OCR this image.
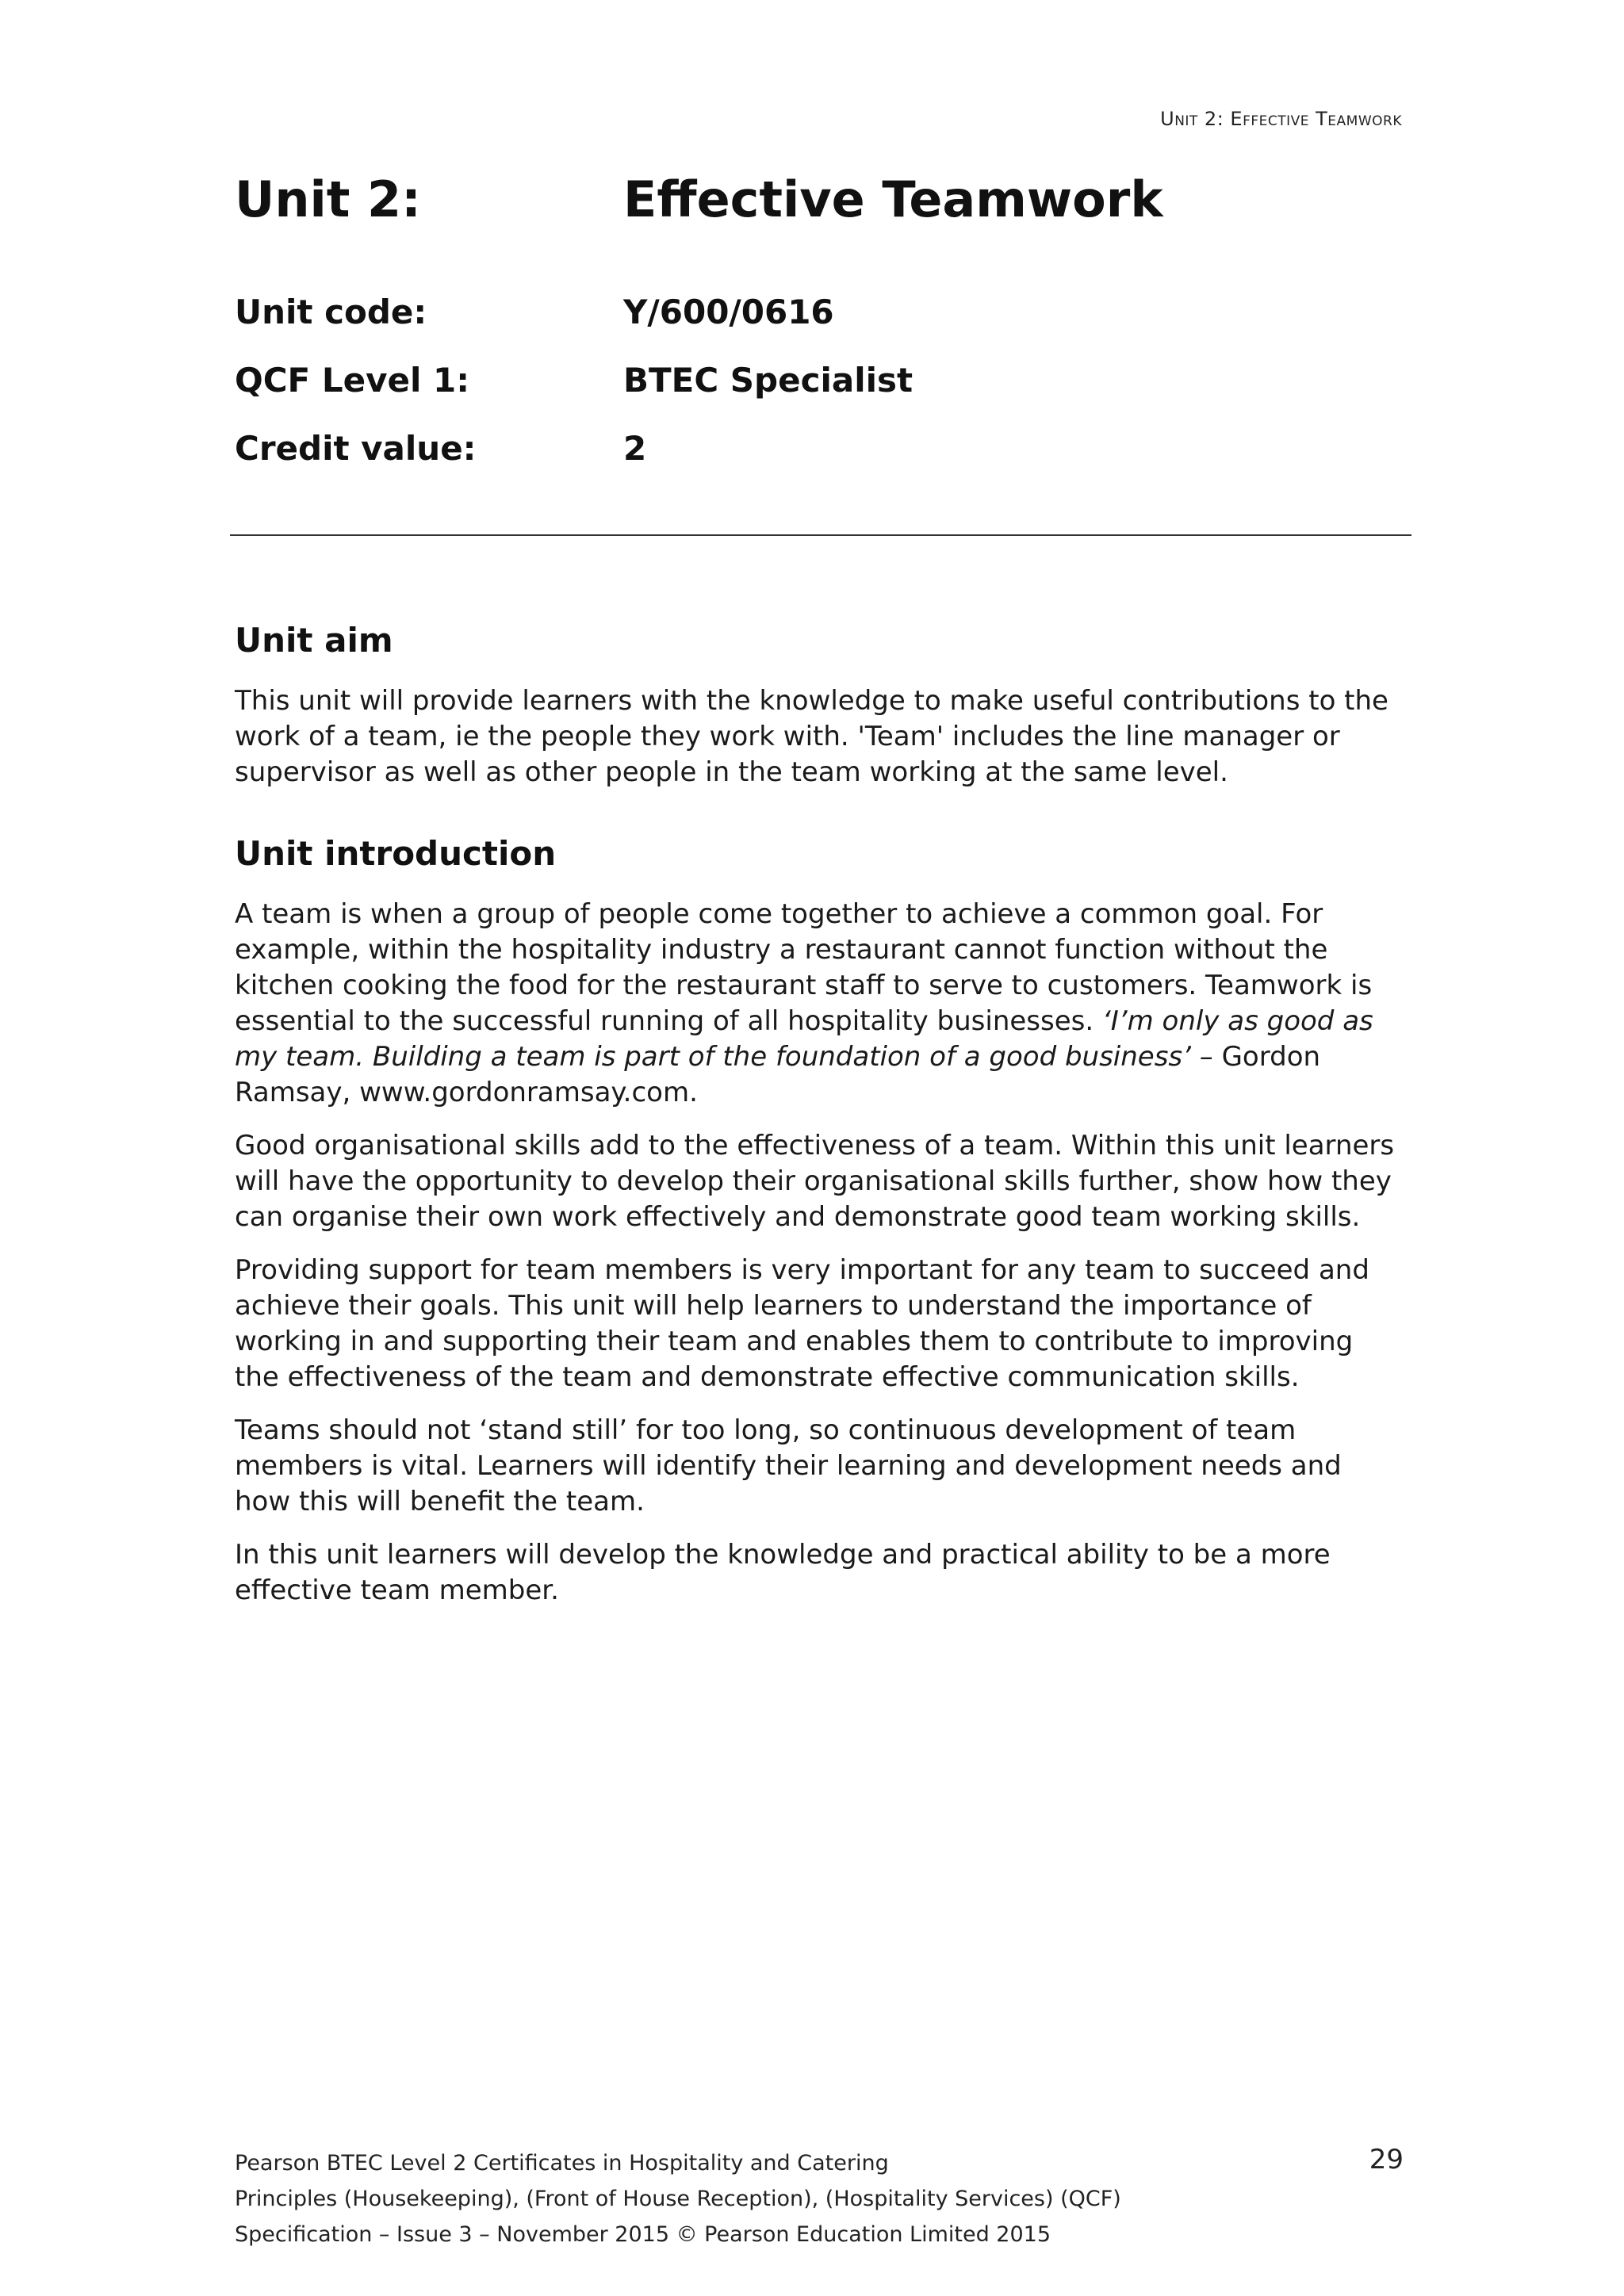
Unit 2: Effective Teamwork
Unit 2:	Effective Teamwork
Unit code:	Y/600/0616
QCF Level 1:	BTEC Specialist
Credit value:	2
Unit aim

This unit will provide learners with the knowledge to make useful contributions to the work of a team, ie the people they work with. 'Team' includes the line manager or supervisor as well as other people in the team working at the same level.

Unit introduction

A team is when a group of people come together to achieve a common goal. For example, within the hospitality industry a restaurant cannot function without the kitchen cooking the food for the restaurant staff to serve to customers. Teamwork is essential to the successful running of all hospitality businesses. ‘I’m only as good as my team. Building a team is part of the foundation of a good business’ – Gordon Ramsay, www.gordonramsay.com.

Good organisational skills add to the effectiveness of a team. Within this unit learners will have the opportunity to develop their organisational skills further, show how they can organise their own work effectively and demonstrate good team working skills.

Providing support for team members is very important for any team to succeed and achieve their goals. This unit will help learners to understand the importance of working in and supporting their team and enables them to contribute to improving the effectiveness of the team and demonstrate effective communication skills.

Teams should not ‘stand still’ for too long, so continuous development of team members is vital. Learners will identify their learning and development needs and how this will benefit the team.

In this unit learners will develop the knowledge and practical ability to be a more effective team member.

Pearson BTEC Level 2 Certificates in Hospitality and Catering
Principles (Housekeeping), (Front of House Reception), (Hospitality Services) (QCF)
Specification – Issue 3 – November 2015 © Pearson Education Limited 2015
29
